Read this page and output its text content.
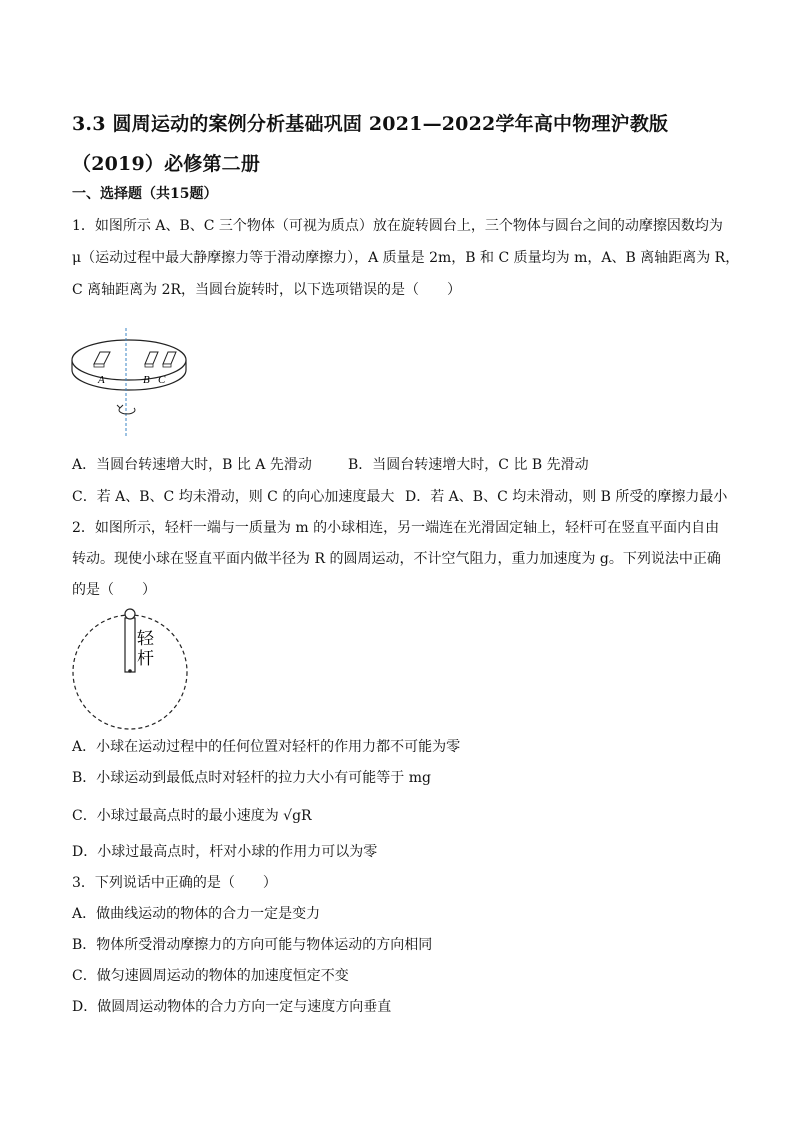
3.3 圆周运动的案例分析基础巩固 2021—2022学年高中物理沪教版
（2019）必修第二册
一、选择题（共15题）
1．如图所示 A、B、C 三个物体（可视为质点）放在旋转圆台上，三个物体与圆台之间的动摩擦因数均为
μ（运动过程中最大静摩擦力等于滑动摩擦力），A 质量是 2m，B 和 C 质量均为 m，A、B 离轴距离为 R，
C 离轴距离为 2R，当圆台旋转时，以下选项错误的是（　　）
A	B C
A．当圆台转速增大时，B 比 A 先滑动	B．当圆台转速增大时，C 比 B 先滑动
C．若 A、B、C 均未滑动，则 C 的向心加速度最大 D．若 A、B、C 均未滑动，则 B 所受的摩擦力最小
2．如图所示，轻杆一端与一质量为 m 的小球相连，另一端连在光滑固定轴上，轻杆可在竖直平面内自由
转动。现使小球在竖直平面内做半径为 R 的圆周运动，不计空气阻力，重力加速度为 g。下列说法中正确
的是（　　）
轻
杆
A．小球在运动过程中的任何位置对轻杆的作用力都不可能为零
B．小球运动到最低点时对轻杆的拉力大小有可能等于 mg
C．小球过最高点时的最小速度为 √gR
D．小球过最高点时，杆对小球的作用力可以为零
3．下列说话中正确的是（　　）
A．做曲线运动的物体的合力一定是变力
B．物体所受滑动摩擦力的方向可能与物体运动的方向相同
C．做匀速圆周运动的物体的加速度恒定不变
D．做圆周运动物体的合力方向一定与速度方向垂直
